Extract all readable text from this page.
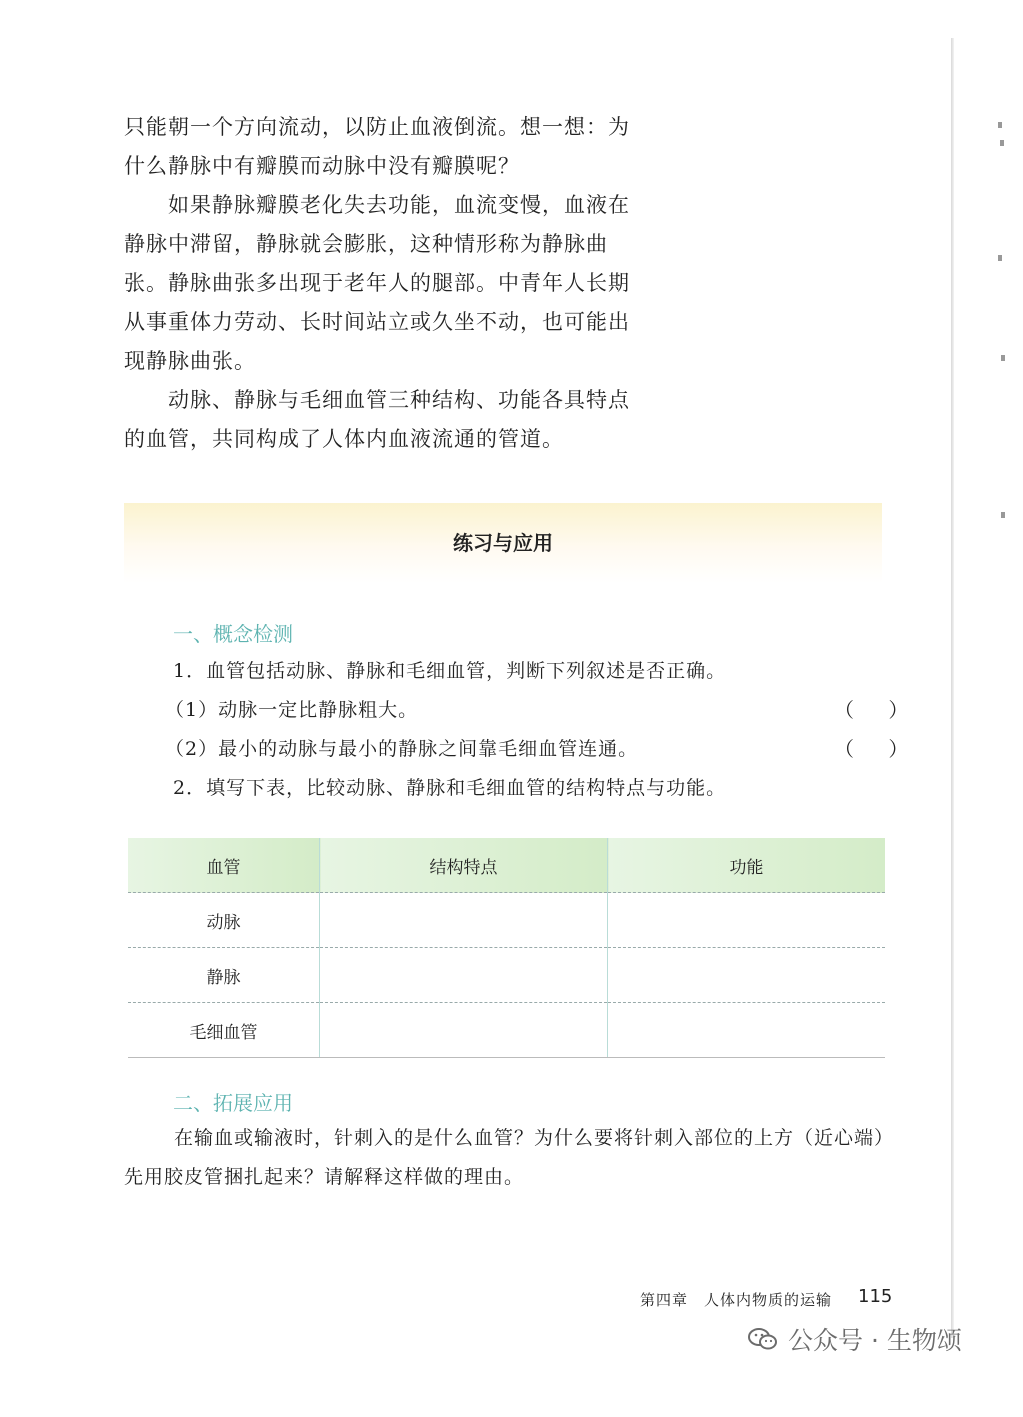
只能朝一个方向流动，以防止血液倒流。想一想：为什么静脉中有瓣膜而动脉中没有瓣膜呢？

如果静脉瓣膜老化失去功能，血流变慢，血液在静脉中滞留，静脉就会膨胀，这种情形称为静脉曲张。静脉曲张多出现于老年人的腿部。中青年人长期从事重体力劳动、长时间站立或久坐不动，也可能出现静脉曲张。

动脉、静脉与毛细血管三种结构、功能各具特点的血管，共同构成了人体内血液流通的管道。

练习与应用

一、概念检测

1．血管包括动脉、静脉和毛细血管，判断下列叙述是否正确。

（1）动脉一定比静脉粗大。	（ ）

（2）最小的动脉与最小的静脉之间靠毛细血管连通。	（ ）

2．填写下表，比较动脉、静脉和毛细血管的结构特点与功能。

血管	结构特点	功能
动脉		
静脉		
毛细血管		

二、拓展应用

在输血或输液时，针刺入的是什么血管？为什么要将针刺入部位的上方（近心端）先用胶皮管捆扎起来？请解释这样做的理由。

第四章　人体内物质的运输 115
公众号 · 生物颂
